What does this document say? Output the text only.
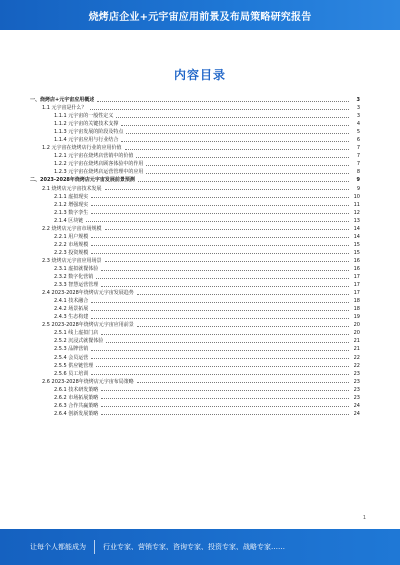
烧烤店企业+元宇宙应用前景及布局策略研究报告
内容目录
一、烧烤店+元宇宙应用概述	3
1.1 元宇宙是什么？	3
1.1.1 元宇宙的一般性定义	3
1.1.2 元宇宙的关键技术支撑	4
1.1.3 元宇宙发展的阶段及特点	5
1.1.4 元宇宙应用与行业结合	6
1.2 元宇宙在烧烤店行业的应用价值	7
1.2.1 元宇宙在烧烤店营销中的价值	7
1.2.2 元宇宙在烧烤店顾客体验中的作用	7
1.2.3 元宇宙在烧烤店运营管理中的应用	8
二、2023-2028年烧烤店元宇宙发展前景预测	9
2.1 烧烤店元宇宙技术发展	9
2.1.1 虚拟现实	10
2.1.2 增强现实	11
2.1.3 数字孪生	12
2.1.4 区块链	13
2.2 烧烤店元宇宙市场规模	14
2.2.1 用户规模	14
2.2.2 市场规模	15
2.2.3 投资规模	15
2.3 烧烤店元宇宙应用场景	16
2.3.1 虚拟就餐体验	16
2.3.2 数字化营销	17
2.3.3 智慧运营管理	17
2.4 2023-2028年烧烤店元宇宙发展趋势	17
2.4.1 技术融合	18
2.4.2 场景拓展	18
2.4.3 生态构建	19
2.5 2023-2028年烧烤店元宇宙应用前景	20
2.5.1 线上虚拟门店	20
2.5.2 沉浸式就餐体验	21
2.5.3 品牌营销	21
2.5.4 会员运营	22
2.5.5 供应链管理	22
2.5.6 员工培训	23
2.6 2023-2028年烧烤店元宇宙布局策略	23
2.6.1 技术研发策略	23
2.6.2 市场拓展策略	23
2.6.3 合作共赢策略	24
2.6.4 创新发展策略	24
1
让每个人都能成为 行业专家、营销专家、咨询专家、投资专家、战略专家……
